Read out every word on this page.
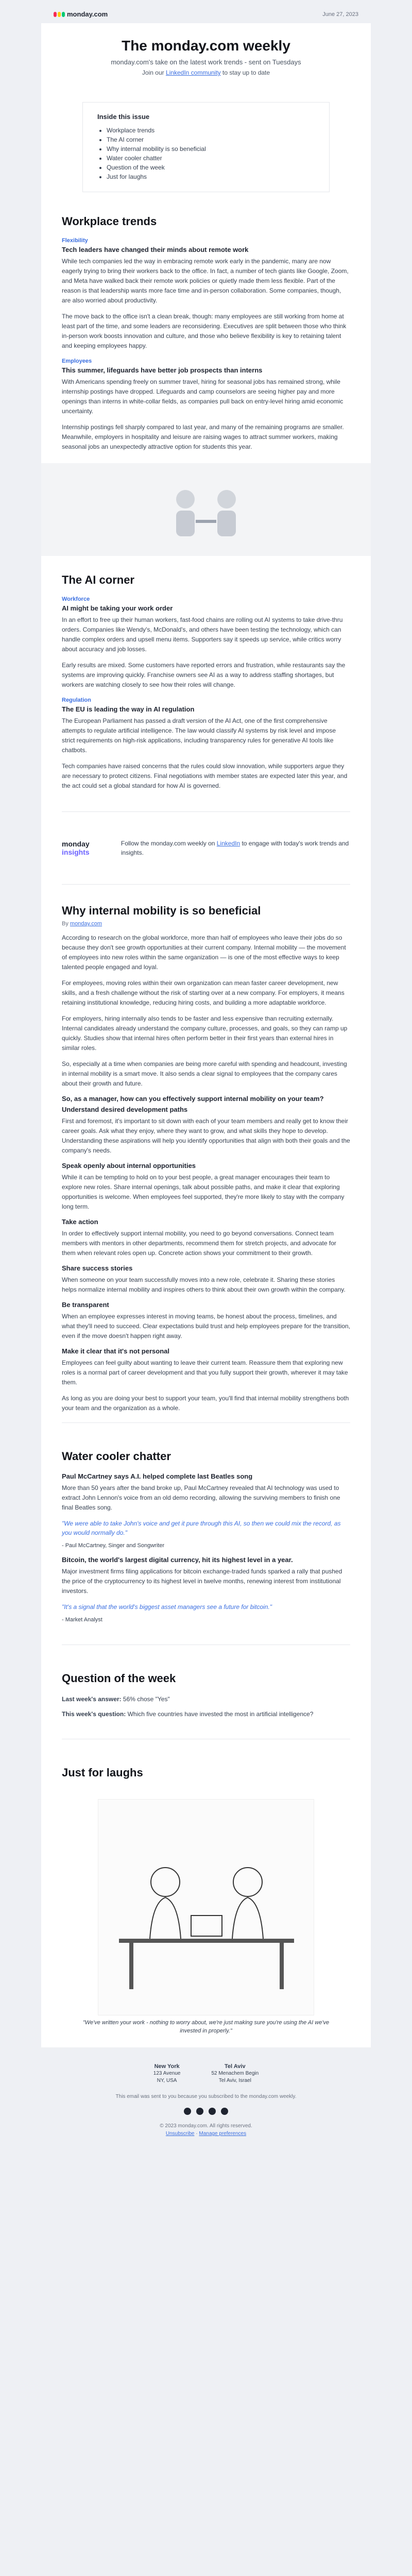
monday.com	June 27, 2023
The monday.com weekly
monday.com's take on the latest work trends - sent on Tuesdays
Join our LinkedIn community to stay up to date
Inside this issue
• Workplace trends
• The AI corner
• Why internal mobility is so beneficial
• Water cooler chatter
• Question of the week
• Just for laughs
Workplace trends
Flexibility
Tech leaders have changed their minds about remote work

While tech companies led the way in embracing remote work early in the pandemic, many are now eagerly trying to bring their workers back to the office. In fact, a number of tech giants like Google, Zoom, and Meta have walked back their remote work policies or quietly made them less flexible. Part of the reason is that leadership wants more face time and in-person collaboration. Some companies, though, are also worried about productivity.

The move back to the office isn't a clean break, though: many employees are still working from home at least part of the time, and some leaders are reconsidering. Executives are split between those who think in-person work boosts innovation and culture, and those who believe flexibility is key to retaining talent and keeping employees happy.

Employees
This summer, lifeguards have better job prospects than interns

With Americans spending freely on summer travel, hiring for seasonal jobs has remained strong, while internship postings have dropped. Lifeguards and camp counselors are seeing higher pay and more openings than interns in white-collar fields, as companies pull back on entry-level hiring amid economic uncertainty.

Internship postings fell sharply compared to last year, and many of the remaining programs are smaller. Meanwhile, employers in hospitality and leisure are raising wages to attract summer workers, making seasonal jobs an unexpectedly attractive option for students this year.

The AI corner
Workforce
AI might be taking your work order

In an effort to free up their human workers, fast-food chains are rolling out AI systems to take drive-thru orders. Companies like Wendy's, McDonald's, and others have been testing the technology, which can handle complex orders and upsell menu items. Supporters say it speeds up service, while critics worry about accuracy and job losses.

Early results are mixed. Some customers have reported errors and frustration, while restaurants say the systems are improving quickly. Franchise owners see AI as a way to address staffing shortages, but workers are watching closely to see how their roles will change.

Regulation
The EU is leading the way in AI regulation

The European Parliament has passed a draft version of the AI Act, one of the first comprehensive attempts to regulate artificial intelligence. The law would classify AI systems by risk level and impose strict requirements on high-risk applications, including transparency rules for generative AI tools like chatbots.

Tech companies have raised concerns that the rules could slow innovation, while supporters argue they are necessary to protect citizens. Final negotiations with member states are expected later this year, and the act could set a global standard for how AI is governed.

monday
insights
Follow the monday.com weekly on LinkedIn to engage with today's work trends and insights.
Why internal mobility is so beneficial
By monday.com

According to research on the global workforce, more than half of employees who leave their jobs do so because they don't see growth opportunities at their current company. Internal mobility — the movement of employees into new roles within the same organization — is one of the most effective ways to keep talented people engaged and loyal.

For employees, moving roles within their own organization can mean faster career development, new skills, and a fresh challenge without the risk of starting over at a new company. For employers, it means retaining institutional knowledge, reducing hiring costs, and building a more adaptable workforce.

For employers, hiring internally also tends to be faster and less expensive than recruiting externally. Internal candidates already understand the company culture, processes, and goals, so they can ramp up quickly. Studies show that internal hires often perform better in their first years than external hires in similar roles.

So, especially at a time when companies are being more careful with spending and headcount, investing in internal mobility is a smart move. It also sends a clear signal to employees that the company cares about their growth and future.

So, as a manager, how can you effectively support internal mobility on your team?
Understand desired development paths

First and foremost, it's important to sit down with each of your team members and really get to know their career goals. Ask what they enjoy, where they want to grow, and what skills they hope to develop. Understanding these aspirations will help you identify opportunities that align with both their goals and the company's needs.

Speak openly about internal opportunities

While it can be tempting to hold on to your best people, a great manager encourages their team to explore new roles. Share internal openings, talk about possible paths, and make it clear that exploring opportunities is welcome. When employees feel supported, they're more likely to stay with the company long term.

Take action

In order to effectively support internal mobility, you need to go beyond conversations. Connect team members with mentors in other departments, recommend them for stretch projects, and advocate for them when relevant roles open up. Concrete action shows your commitment to their growth.

Share success stories

When someone on your team successfully moves into a new role, celebrate it. Sharing these stories helps normalize internal mobility and inspires others to think about their own growth within the company.

Be transparent

When an employee expresses interest in moving teams, be honest about the process, timelines, and what they'll need to succeed. Clear expectations build trust and help employees prepare for the transition, even if the move doesn't happen right away.

Make it clear that it's not personal

Employees can feel guilty about wanting to leave their current team. Reassure them that exploring new roles is a normal part of career development and that you fully support their growth, wherever it may take them.

As long as you are doing your best to support your team, you'll find that internal mobility strengthens both your team and the organization as a whole.

Water cooler chatter
Paul McCartney says A.I. helped complete last Beatles song

More than 50 years after the band broke up, Paul McCartney revealed that AI technology was used to extract John Lennon's voice from an old demo recording, allowing the surviving members to finish one final Beatles song.

"We were able to take John's voice and get it pure through this AI, so then we could mix the record, as you would normally do."

- Paul McCartney, Singer and Songwriter

Bitcoin, the world's largest digital currency, hit its highest level in a year.

Major investment firms filing applications for bitcoin exchange-traded funds sparked a rally that pushed the price of the cryptocurrency to its highest level in twelve months, renewing interest from institutional investors.

"It's a signal that the world's biggest asset managers see a future for bitcoin."

- Market Analyst

Question of the week

Last week's answer: 56% chose "Yes"

This week's question: Which five countries have invested the most in artificial intelligence?

Just for laughs
"We've written your work - nothing to worry about, we're just making sure you're using the AI we've invested in properly."
New York
123 Avenue
NY, USA
Tel Aviv
52 Menachem Begin
Tel Aviv, Israel

This email was sent to you because you subscribed to the monday.com weekly.

© 2023 monday.com. All rights reserved.

Unsubscribe · Manage preferences
